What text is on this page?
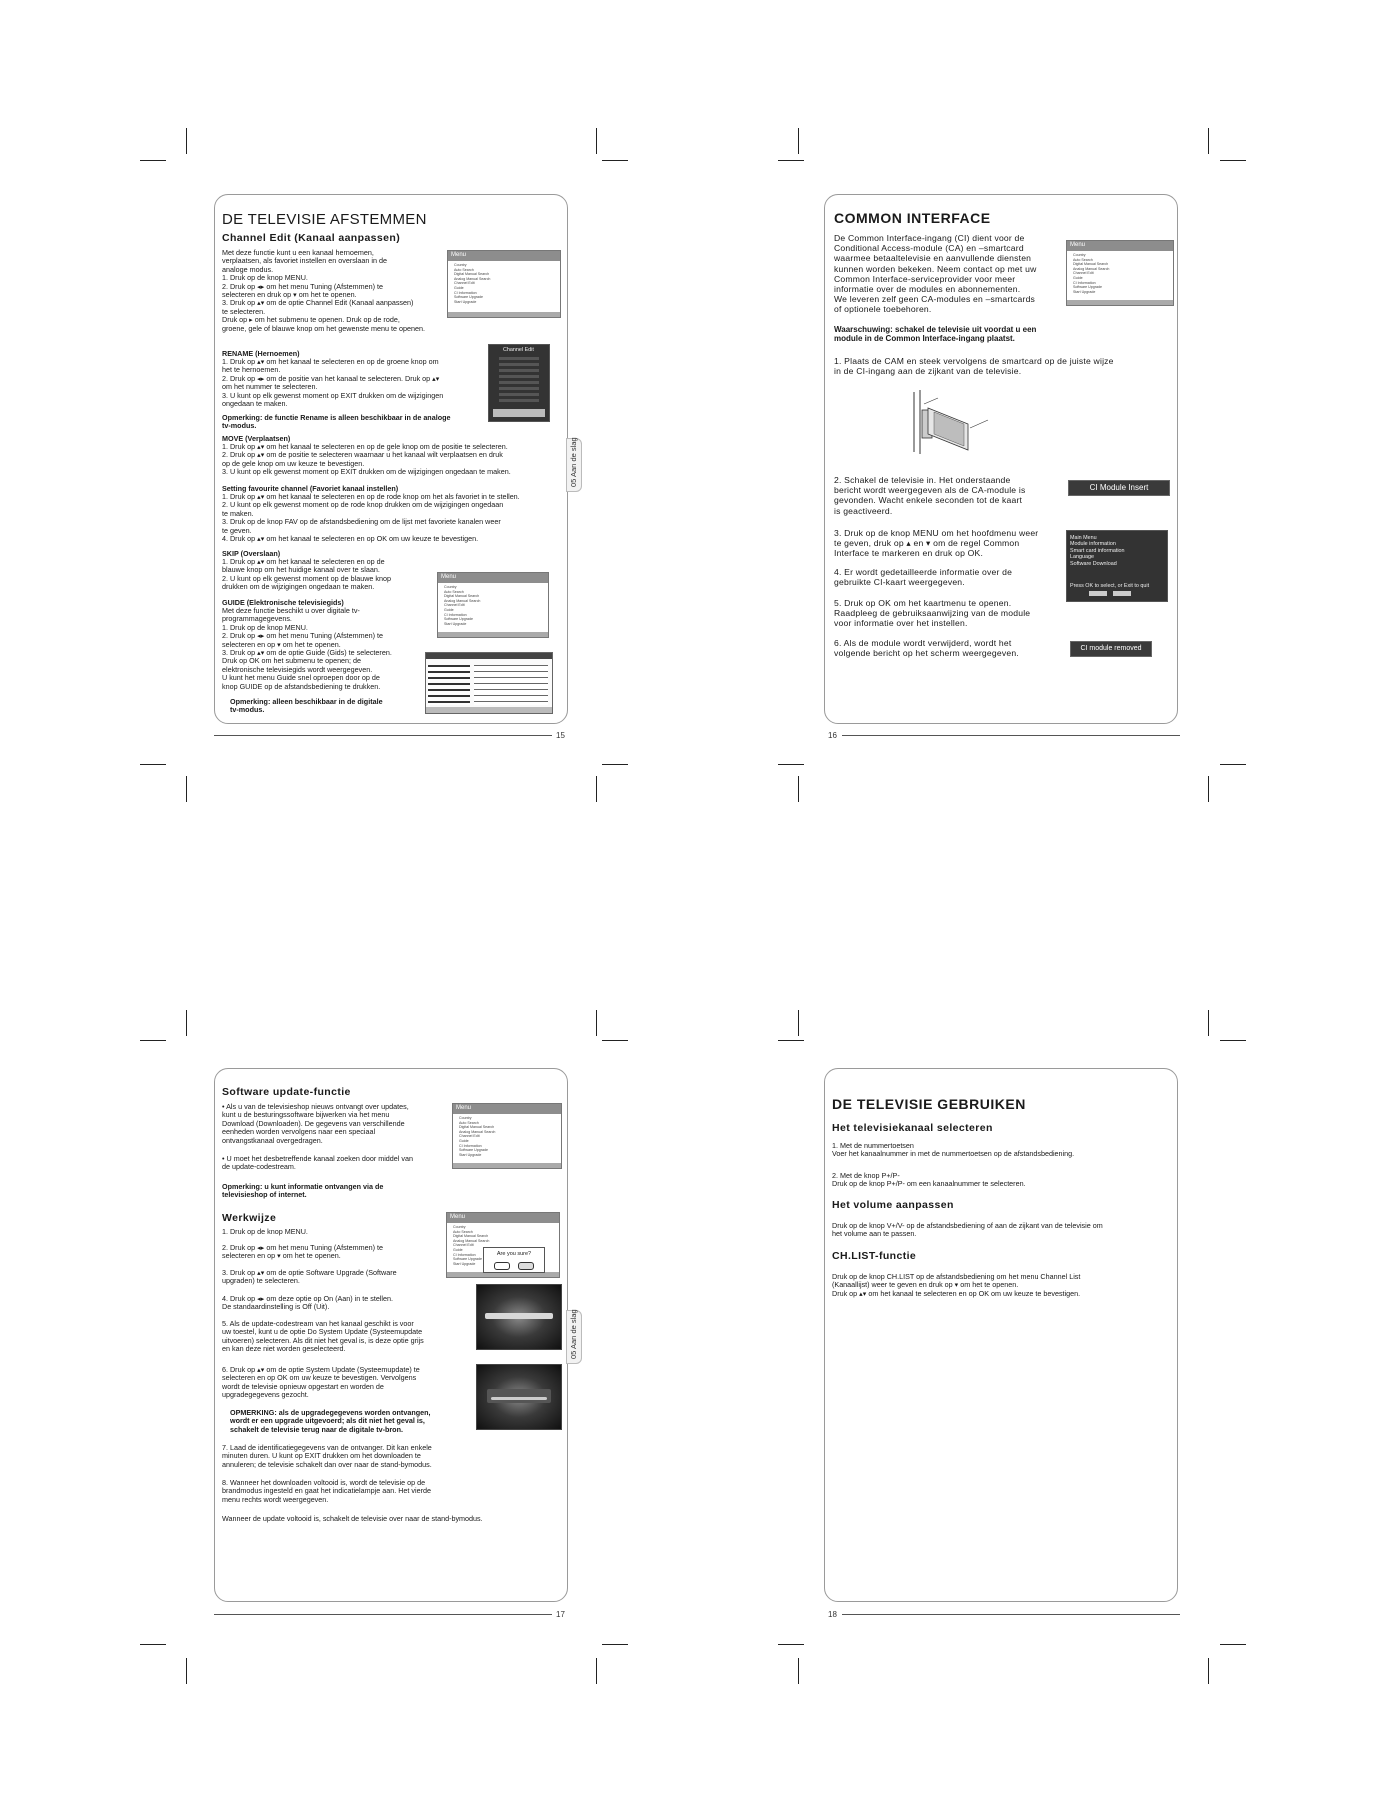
DE TELEVISIE AFSTEMMEN
Channel Edit (Kanaal aanpassen)
Met deze functie kunt u een kanaal hernoemen,
verplaatsen, als favoriet instellen en overslaan in de
analoge modus.
1. Druk op de knop MENU.
2. Druk op ◂▸ om het menu Tuning (Afstemmen) te
selecteren en druk op ▾ om het te openen.
3. Druk op ▴▾ om de optie Channel Edit (Kanaal aanpassen)
te selecteren.
Druk op ▸ om het submenu te openen. Druk op de rode,
groene, gele of blauwe knop om het gewenste menu te openen.
Menu
Country
Auto Search
Digital Manual Search
Analog Manual Search
Channel Edit
Guide
CI Information
Software Upgrade
Start Upgrade
RENAME (Hernoemen)
1. Druk op ▴▾ om het kanaal te selecteren en op de groene knop om
het te hernoemen.
2. Druk op ◂▸ om de positie van het kanaal te selecteren. Druk op ▴▾
om het nummer te selecteren.
3. U kunt op elk gewenst moment op EXIT drukken om de wijzigingen
ongedaan te maken.
Channel Edit
Opmerking: de functie Rename is alleen beschikbaar in de analoge
tv-modus.
MOVE (Verplaatsen)
1. Druk op ▴▾ om het kanaal te selecteren en op de gele knop om de positie te selecteren.
2. Druk op ▴▾ om de positie te selecteren waarnaar u het kanaal wilt verplaatsen en druk
op de gele knop om uw keuze te bevestigen.
3. U kunt op elk gewenst moment op EXIT drukken om de wijzigingen ongedaan te maken.
Setting favourite channel (Favoriet kanaal instellen)
1. Druk op ▴▾ om het kanaal te selecteren en op de rode knop om het als favoriet in te stellen.
2. U kunt op elk gewenst moment op de rode knop drukken om de wijzigingen ongedaan
te maken.
3. Druk op de knop FAV op de afstandsbediening om de lijst met favoriete kanalen weer
te geven.
4. Druk op ▴▾ om het kanaal te selecteren en op OK om uw keuze te bevestigen.
SKIP (Overslaan)
1. Druk op ▴▾ om het kanaal te selecteren en op de
blauwe knop om het huidige kanaal over te slaan.
2. U kunt op elk gewenst moment op de blauwe knop
drukken om de wijzigingen ongedaan te maken.
Menu
Country
Auto Search
Digital Manual Search
Analog Manual Search
Channel Edit
Guide
CI Information
Software Upgrade
Start Upgrade
GUIDE (Elektronische televisiegids)
Met deze functie beschikt u over digitale tv-
programmagegevens.
1. Druk op de knop MENU.
2. Druk op ◂▸ om het menu Tuning (Afstemmen) te
selecteren en op ▾ om het te openen.
3. Druk op ▴▾ om de optie Guide (Gids) te selecteren.
Druk op OK om het submenu te openen; de
elektronische televisiegids wordt weergegeven.
U kunt het menu Guide snel oproepen door op de
knop GUIDE op de afstandsbediening te drukken.
Opmerking: alleen beschikbaar in de digitale
tv-modus.
05 Aan de slag
15
COMMON INTERFACE
De Common Interface-ingang (CI) dient voor de
Conditional Access-module (CA) en –smartcard
waarmee betaaltelevisie en aanvullende diensten
kunnen worden bekeken. Neem contact op met uw
Common Interface-serviceprovider voor meer
informatie over de modules en abonnementen.
We leveren zelf geen CA-modules en –smartcards
of optionele toebehoren.
Menu
Country
Auto Search
Digital Manual Search
Analog Manual Search
Channel Edit
Guide
CI Information
Software Upgrade
Start Upgrade
Waarschuwing: schakel de televisie uit voordat u een
module in de Common Interface-ingang plaatst.
1. Plaats de CAM en steek vervolgens de smartcard op de juiste wijze
in de CI-ingang aan de zijkant van de televisie.
2. Schakel de televisie in. Het onderstaande
bericht wordt weergegeven als de CA-module is
gevonden. Wacht enkele seconden tot de kaart
is geactiveerd.
CI Module Insert
3. Druk op de knop MENU om het hoofdmenu weer
te geven, druk op ▴ en ▾ om de regel Common
Interface te markeren en druk op OK.
Main Menu
Module information
Smart card information
Language
Software Download
Press OK to select, or Exit to quit
4. Er wordt gedetailleerde informatie over de
gebruikte CI-kaart weergegeven.
5. Druk op OK om het kaartmenu te openen.
Raadpleeg de gebruiksaanwijzing van de module
voor informatie over het instellen.
6. Als de module wordt verwijderd, wordt het
volgende bericht op het scherm weergegeven.	CI module removed
16
Software update-functie
• Als u van de televisieshop nieuws ontvangt over updates,
kunt u de besturingssoftware bijwerken via het menu
Download (Downloaden). De gegevens van verschillende
eenheden worden vervolgens naar een speciaal
ontvangstkanaal overgedragen.
• U moet het desbetreffende kanaal zoeken door middel van
de update-codestream.
Opmerking: u kunt informatie ontvangen via de
televisieshop of internet.
Menu
Country
Auto Search
Digital Manual Search
Analog Manual Search
Channel Edit
Guide
CI Information
Software Upgrade
Start Upgrade
Werkwijze
1. Druk op de knop MENU.
Menu
Country
Auto Search
Digital Manual Search
Analog Manual Search
Channel Edit
Guide
CI Information
Software Upgrade
Start Upgrade
Are you sure?
2. Druk op ◂▸ om het menu Tuning (Afstemmen) te
selecteren en op ▾ om het te openen.
3. Druk op ▴▾ om de optie Software Upgrade (Software
upgraden) te selecteren.
4. Druk op ◂▸ om deze optie op On (Aan) in te stellen.
De standaardinstelling is Off (Uit).
5. Als de update-codestream van het kanaal geschikt is voor
uw toestel, kunt u de optie Do System Update (Systeemupdate
uitvoeren) selecteren. Als dit niet het geval is, is deze optie grijs
en kan deze niet worden geselecteerd.
6. Druk op ▴▾ om de optie System Update (Systeemupdate) te
selecteren en op OK om uw keuze te bevestigen. Vervolgens
wordt de televisie opnieuw opgestart en worden de
upgradegegevens gezocht.
OPMERKING: als de upgradegegevens worden ontvangen,
wordt er een upgrade uitgevoerd; als dit niet het geval is,
schakelt de televisie terug naar de digitale tv-bron.
7. Laad de identificatiegegevens van de ontvanger. Dit kan enkele
minuten duren. U kunt op EXIT drukken om het downloaden te
annuleren; de televisie schakelt dan over naar de stand-bymodus.
8. Wanneer het downloaden voltooid is, wordt de televisie op de
brandmodus ingesteld en gaat het indicatielampje aan. Het vierde
menu rechts wordt weergegeven.
Wanneer de update voltooid is, schakelt de televisie over naar de stand-bymodus.
05 Aan de slag
17
DE TELEVISIE GEBRUIKEN
Het televisiekanaal selecteren
1. Met de nummertoetsen
Voer het kanaalnummer in met de nummertoetsen op de afstandsbediening.
2. Met de knop P+/P-
Druk op de knop P+/P- om een kanaalnummer te selecteren.
Het volume aanpassen
Druk op de knop V+/V- op de afstandsbediening of aan de zijkant van de televisie om
het volume aan te passen.
CH.LIST-functie
Druk op de knop CH.LIST op de afstandsbediening om het menu Channel List
(Kanaallijst) weer te geven en druk op ▾ om het te openen.
Druk op ▴▾ om het kanaal te selecteren en op OK om uw keuze te bevestigen.
18
